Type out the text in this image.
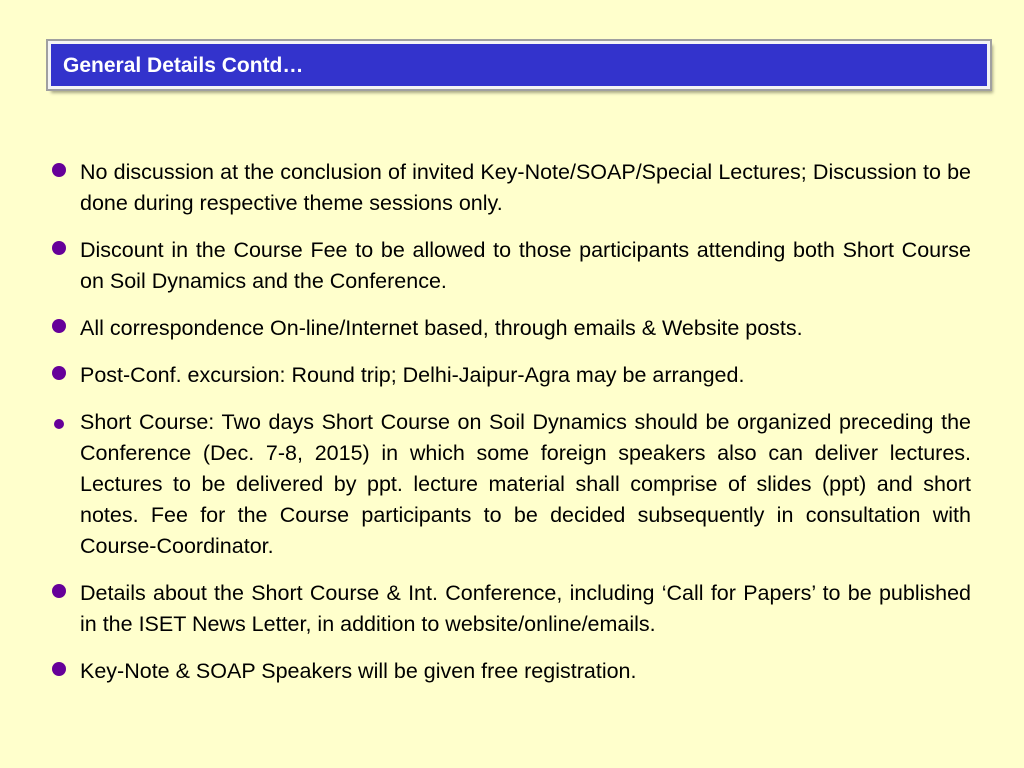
General Details Contd…
No discussion at the conclusion of invited Key-Note/SOAP/Special Lectures; Discussion to be done during respective theme sessions only.
Discount in the Course Fee to be allowed to those participants attending both Short Course on Soil Dynamics and the Conference.
All correspondence On-line/Internet based, through emails & Website posts.
Post-Conf. excursion: Round trip; Delhi-Jaipur-Agra may be arranged.
Short Course: Two days Short Course on Soil Dynamics should be organized preceding the Conference (Dec. 7-8, 2015) in which some foreign speakers also can deliver lectures. Lectures to be delivered by ppt. lecture material shall comprise of slides (ppt) and short notes. Fee for the Course participants to be decided subsequently in consultation with Course-Coordinator.
Details about the Short Course & Int. Conference, including ‘Call for Papers’ to be published in the ISET News Letter, in addition to website/online/emails.
Key-Note & SOAP Speakers will be given free registration.
